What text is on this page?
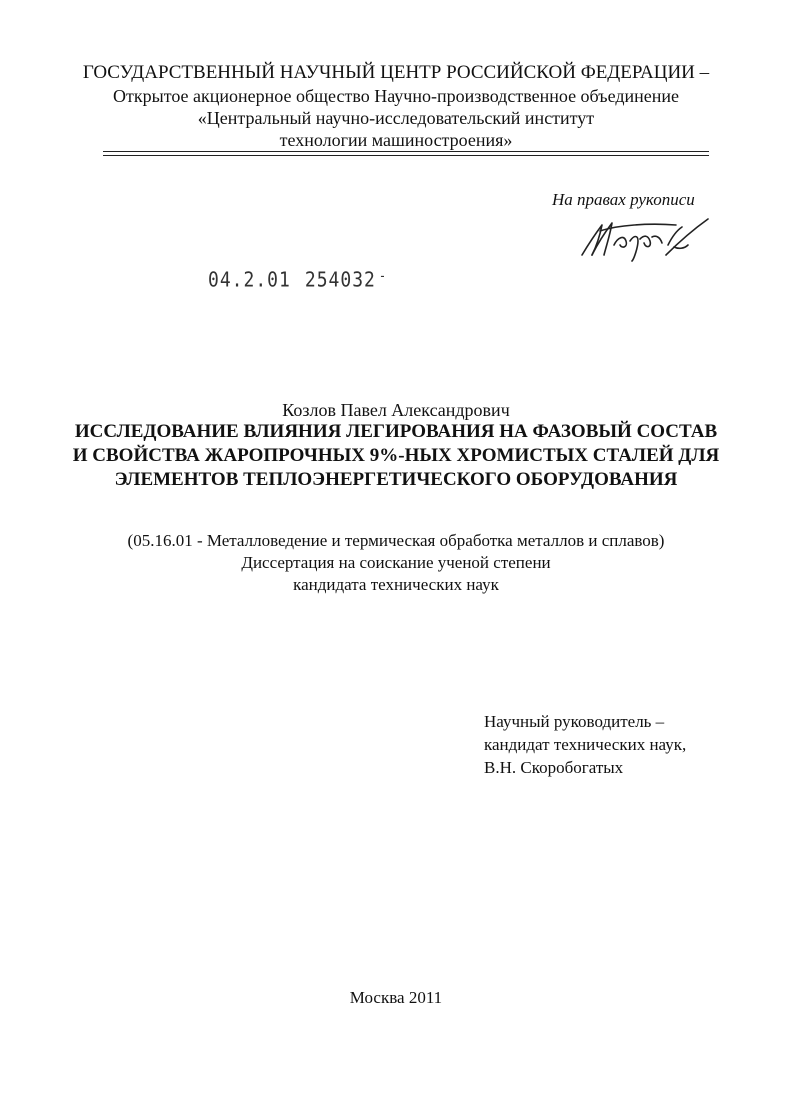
ГОСУДАРСТВЕННЫЙ НАУЧНЫЙ ЦЕНТР РОССИЙСКОЙ ФЕДЕРАЦИИ –
Открытое акционерное общество Научно-производственное объединение
«Центральный научно-исследовательский институт
технологии машиностроения»
На правах рукописи
04.2.01 254032 -
Козлов Павел Александрович
ИССЛЕДОВАНИЕ ВЛИЯНИЯ ЛЕГИРОВАНИЯ НА ФАЗОВЫЙ СОСТАВ
И СВОЙСТВА ЖАРОПРОЧНЫХ 9%-НЫХ ХРОМИСТЫХ СТАЛЕЙ ДЛЯ
ЭЛЕМЕНТОВ ТЕПЛОЭНЕРГЕТИЧЕСКОГО ОБОРУДОВАНИЯ
(05.16.01 - Металловедение и термическая обработка металлов и сплавов)
Диссертация на соискание ученой степени
кандидата технических наук
Научный руководитель –
кандидат технических наук,
В.Н. Скоробогатых
Москва 2011
